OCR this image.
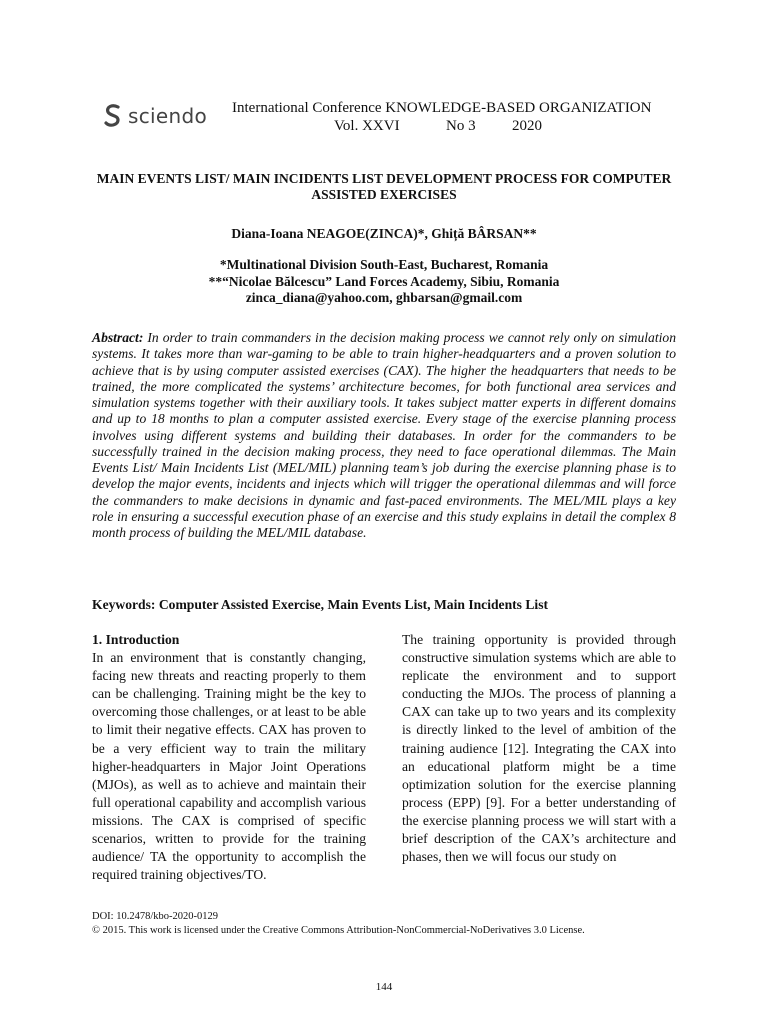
sciendo International Conference KNOWLEDGE-BASED ORGANIZATION
Vol. XXVI	No 3 2020
MAIN EVENTS LIST/ MAIN INCIDENTS LIST DEVELOPMENT PROCESS FOR COMPUTER ASSISTED EXERCISES
Diana-Ioana NEAGOE(ZINCA)*, Ghiță BÂRSAN**
*Multinational Division South-East, Bucharest, Romania
**“Nicolae Bălcescu” Land Forces Academy, Sibiu, Romania
zinca_diana@yahoo.com, ghbarsan@gmail.com

Abstract: In order to train commanders in the decision making process we cannot rely only on simulation systems. It takes more than war-gaming to be able to train higher-headquarters and a proven solution to achieve that is by using computer assisted exercises (CAX). The higher the headquarters that needs to be trained, the more complicated the systems’ architecture becomes, for both functional area services and simulation systems together with their auxiliary tools. It takes subject matter experts in different domains and up to 18 months to plan a computer assisted exercise. Every stage of the exercise planning process involves using different systems and building their databases. In order for the commanders to be successfully trained in the decision making process, they need to face operational dilemmas. The Main Events List/ Main Incidents List (MEL/MIL) planning team’s job during the exercise planning phase is to develop the major events, incidents and injects which will trigger the operational dilemmas and will force the commanders to make decisions in dynamic and fast-paced environments. The MEL/MIL plays a key role in ensuring a successful execution phase of an exercise and this study explains in detail the complex 8 month process of building the MEL/MIL database.

Keywords: Computer Assisted Exercise, Main Events List, Main Incidents List

1. Introduction
In an environment that is constantly changing, facing new threats and reacting properly to them can be challenging. Training might be the key to overcoming those challenges, or at least to be able to limit their negative effects. CAX has proven to be a very efficient way to train the military higher-headquarters in Major Joint Operations (MJOs), as well as to achieve and maintain their full operational capability and accomplish various missions. The CAX is comprised of specific scenarios, written to provide for the training audience/ TA the opportunity to accomplish the required training objectives/TO.

The training opportunity is provided through constructive simulation systems which are able to replicate the environment and to support conducting the MJOs. The process of planning a CAX can take up to two years and its complexity is directly linked to the level of ambition of the training audience [12]. Integrating the CAX into an educational platform might be a time optimization solution for the exercise planning process (EPP) [9]. For a better understanding of the exercise planning process we will start with a brief description of the CAX’s architecture and phases, then we will focus our study on

DOI: 10.2478/kbo-2020-0129
© 2015. This work is licensed under the Creative Commons Attribution-NonCommercial-NoDerivatives 3.0 License.
144
